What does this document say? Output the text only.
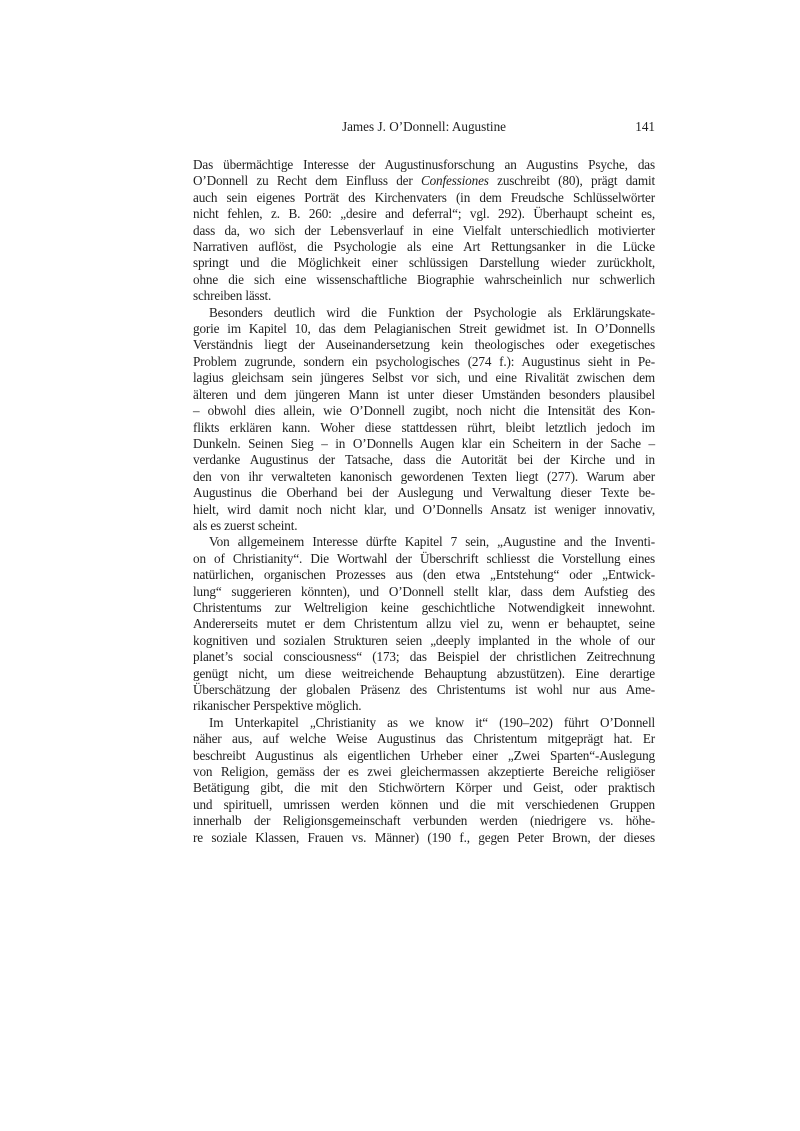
James J. O’Donnell: Augustine	141
Das übermächtige Interesse der Augustinusforschung an Augustins Psyche, das
O’Donnell zu Recht dem Einfluss der Confessiones zuschreibt (80), prägt damit
auch sein eigenes Porträt des Kirchenvaters (in dem Freudsche Schlüsselwörter
nicht fehlen, z. B. 260: „desire and deferral“; vgl. 292). Überhaupt scheint es,
dass da, wo sich der Lebensverlauf in eine Vielfalt unterschiedlich motivierter
Narrativen auflöst, die Psychologie als eine Art Rettungsanker in die Lücke
springt und die Möglichkeit einer schlüssigen Darstellung wieder zurückholt,
ohne die sich eine wissenschaftliche Biographie wahrscheinlich nur schwerlich
schreiben lässt.
Besonders deutlich wird die Funktion der Psychologie als Erklärungskate-
gorie im Kapitel 10, das dem Pelagianischen Streit gewidmet ist. In O’Donnells
Verständnis liegt der Auseinandersetzung kein theologisches oder exegetisches
Problem zugrunde, sondern ein psychologisches (274 f.): Augustinus sieht in Pe-
lagius gleichsam sein jüngeres Selbst vor sich, und eine Rivalität zwischen dem
älteren und dem jüngeren Mann ist unter dieser Umständen besonders plausibel
– obwohl dies allein, wie O’Donnell zugibt, noch nicht die Intensität des Kon-
flikts erklären kann. Woher diese stattdessen rührt, bleibt letztlich jedoch im
Dunkeln. Seinen Sieg – in O’Donnells Augen klar ein Scheitern in der Sache –
verdanke Augustinus der Tatsache, dass die Autorität bei der Kirche und in
den von ihr verwalteten kanonisch gewordenen Texten liegt (277). Warum aber
Augustinus die Oberhand bei der Auslegung und Verwaltung dieser Texte be-
hielt, wird damit noch nicht klar, und O’Donnells Ansatz ist weniger innovativ,
als es zuerst scheint.
Von allgemeinem Interesse dürfte Kapitel 7 sein, „Augustine and the Inventi-
on of Christianity“. Die Wortwahl der Überschrift schliesst die Vorstellung eines
natürlichen, organischen Prozesses aus (den etwa „Entstehung“ oder „Entwick-
lung“ suggerieren könnten), und O’Donnell stellt klar, dass dem Aufstieg des
Christentums zur Weltreligion keine geschichtliche Notwendigkeit innewohnt.
Andererseits mutet er dem Christentum allzu viel zu, wenn er behauptet, seine
kognitiven und sozialen Strukturen seien „deeply implanted in the whole of our
planet’s social consciousness“ (173; das Beispiel der christlichen Zeitrechnung
genügt nicht, um diese weitreichende Behauptung abzustützen). Eine derartige
Überschätzung der globalen Präsenz des Christentums ist wohl nur aus Ame-
rikanischer Perspektive möglich.
Im Unterkapitel „Christianity as we know it“ (190–202) führt O’Donnell
näher aus, auf welche Weise Augustinus das Christentum mitgeprägt hat. Er
beschreibt Augustinus als eigentlichen Urheber einer „Zwei Sparten“-Auslegung
von Religion, gemäss der es zwei gleichermassen akzeptierte Bereiche religiöser
Betätigung gibt, die mit den Stichwörtern Körper und Geist, oder praktisch
und spirituell, umrissen werden können und die mit verschiedenen Gruppen
innerhalb der Religionsgemeinschaft verbunden werden (niedrigere vs. höhe-
re soziale Klassen, Frauen vs. Männer) (190 f., gegen Peter Brown, der dieses
